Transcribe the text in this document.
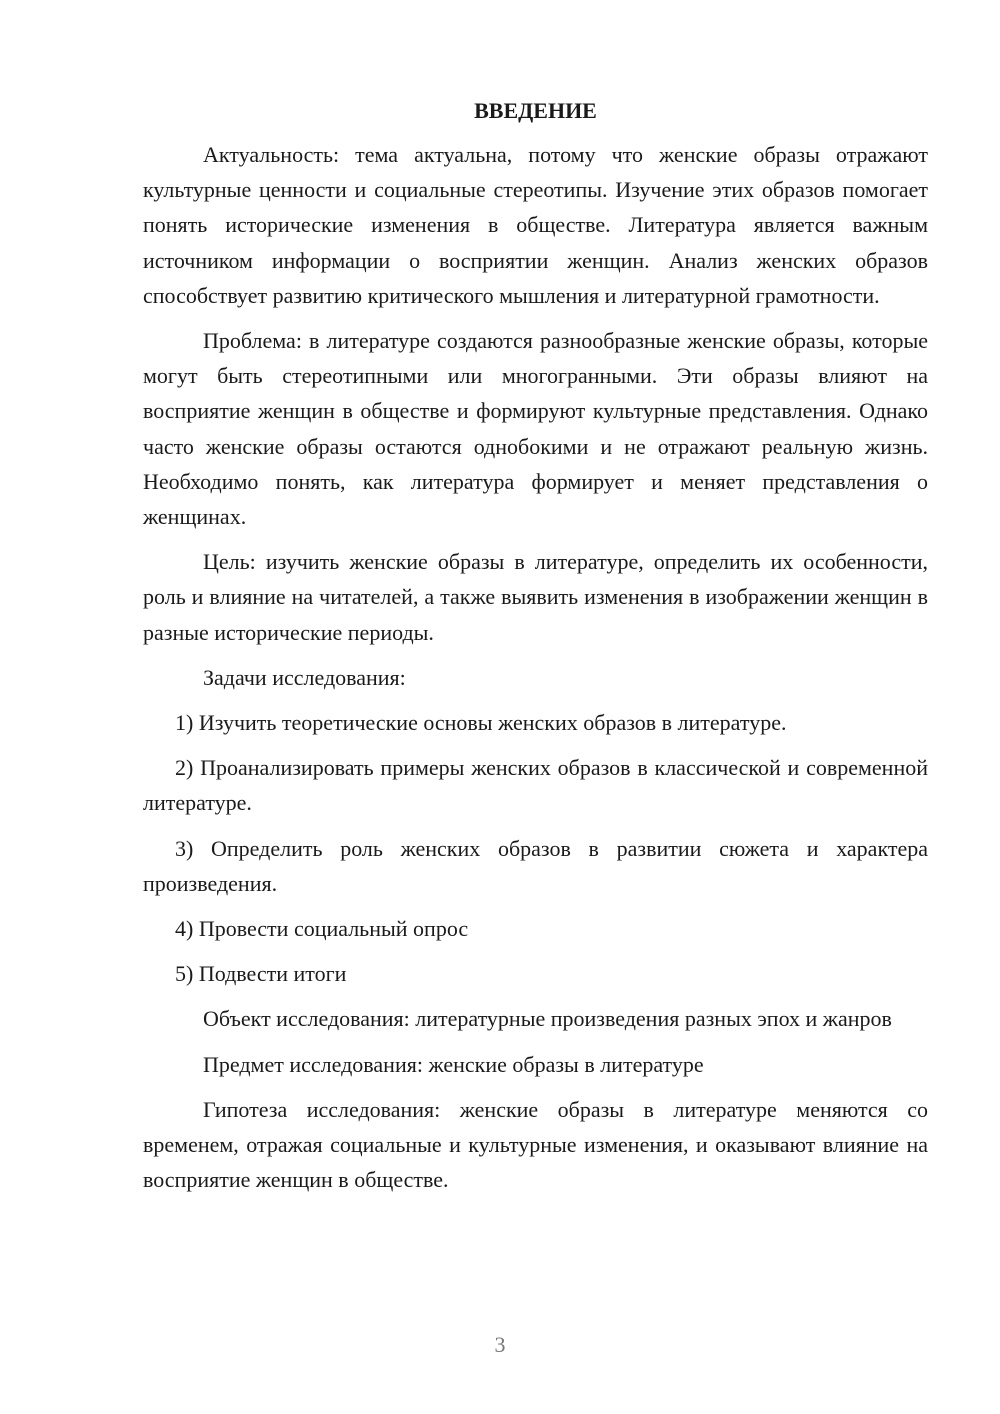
ВВЕДЕНИЕ

Актуальность: тема актуальна, потому что женские образы отражают культурные ценности и социальные стереотипы. Изучение этих образов помогает понять исторические изменения в обществе. Литература является важным источником информации о восприятии женщин. Анализ женских образов способствует развитию критического мышления и литературной грамотности.

Проблема: в литературе создаются разнообразные женские образы, которые могут быть стереотипными или многогранными. Эти образы влияют на восприятие женщин в обществе и формируют культурные представления. Однако часто женские образы остаются однобокими и не отражают реальную жизнь. Необходимо понять, как литература формирует и меняет представления о женщинах.

Цель: изучить женские образы в литературе, определить их особенности, роль и влияние на читателей, а также выявить изменения в изображении женщин в разные исторические периоды.

Задачи исследования:

1) Изучить теоретические основы женских образов в литературе.

2) Проанализировать примеры женских образов в классической и современной литературе.

3) Определить роль женских образов в развитии сюжета и характера произведения.

4) Провести социальный опрос

5) Подвести итоги

Объект исследования: литературные произведения разных эпох и жанров

Предмет исследования: женские образы в литературе

Гипотеза исследования: женские образы в литературе меняются со временем, отражая социальные и культурные изменения, и оказывают влияние на восприятие женщин в обществе.

3
